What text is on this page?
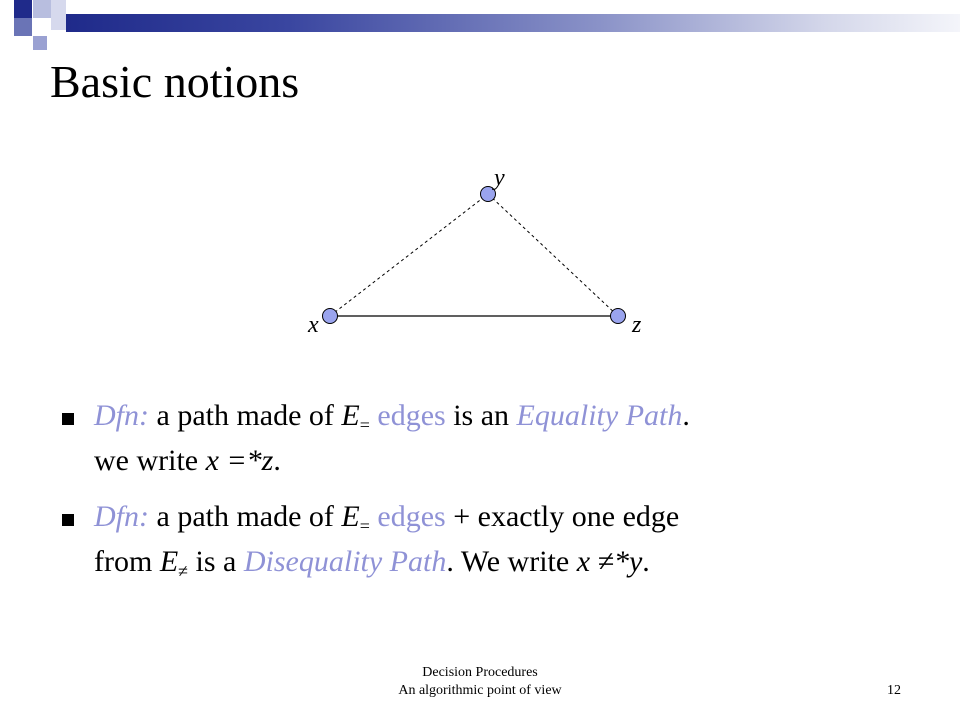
Basic notions
y
x	z
Dfn: a path made of $E_=$ edges is an Equality Path.
we write x =*z.
Dfn: a path made of $E_=$ edges + exactly one edge
from $E_\ne$ is a Disequality Path. We write x ≠*y.
Decision Procedures
An algorithmic point of view	12
